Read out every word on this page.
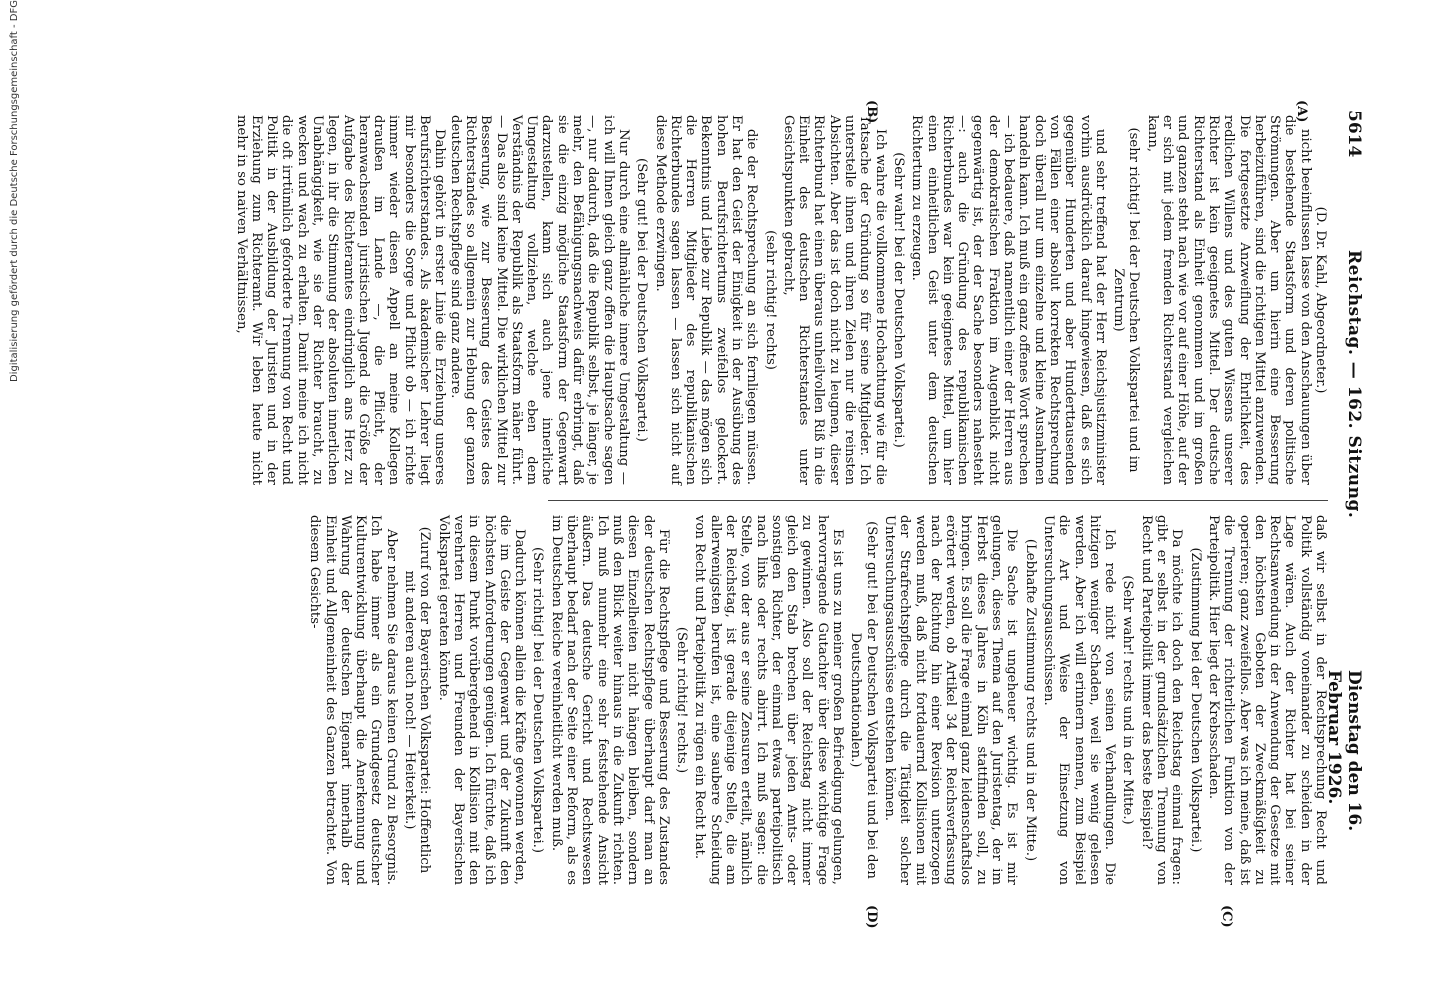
5614
Reichstag. — 162. Sitzung.
Dienstag den 16. Februar 1926.
(A)
(B)
(C)
(D)

(D. Dr. Kahl, Abgeordneter.)

nicht beeinflussen lasse von den Anschauungen über die bestehende Staatsform und deren politische Strömungen. Aber um hierin eine Besserung herbeizuführen, sind die richtigen Mittel anzuwenden. Die fortgesetzte Anzweiflung der Ehrlichkeit, des redlichen Willens und des guten Wissens unserer Richter ist kein geeignetes Mittel. Der deutsche Richterstand als Einheit genommen und im großen und ganzen steht nach wie vor auf einer Höhe, auf der er sich mit jedem fremden Richterstand vergleichen kann,

(sehr richtig! bei der Deutschen Volkspartei und im Zentrum)

und sehr treffend hat der Herr Reichsjustizminister vorhin ausdrücklich darauf hingewiesen, daß es sich gegenüber Hunderten und aber Hunderttausenden von Fällen einer absolut korrekten Rechtsprechung doch überall nur um einzelne und kleine Ausnahmen handeln kann. Ich muß ein ganz offenes Wort sprechen — ich bedauere, daß namentlich einer der Herren aus der demokratischen Fraktion im Augenblick nicht gegenwärtig ist, der der Sache besonders nahesteht —: auch die Gründung des republikanischen Richterbundes war kein geeignetes Mittel, um hier einen einheitlichen Geist unter dem deutschen Richtertum zu erzeugen.

(Sehr wahr! bei der Deutschen Volkspartei.)

Ich wahre die vollkommene Hochachtung wie für die Tatsache der Gründung so für seine Mitglieder. Ich unterstelle ihnen und ihren Zielen nur die reinsten Absichten. Aber das ist doch nicht zu leugnen, dieser Richterbund hat einen überaus unheilvollen Riß in die Einheit des deutschen Richterstandes unter Gesichtspunkten gebracht,

(sehr richtig! rechts)

die der Rechtsprechung an sich fernliegen müssen. Er hat den Geist der Einigkeit in der Ausübung des hohen Berufsrichtertums zweifellos gelockert. Bekenntnis und Liebe zur Republik — das mögen sich die Herren Mitglieder des republikanischen Richterbundes sagen lassen — lassen sich nicht auf diese Methode erzwingen.

(Sehr gut! bei der Deutschen Volkspartei.)

Nur durch eine allmähliche innere Umgestaltung — ich will Ihnen gleich ganz offen die Hauptsache sagen —, nur dadurch, daß die Republik selbst, je länger, je mehr, den Befähigungsnachweis dafür erbringt, daß sie die einzig mögliche Staatsform der Gegenwart darzustellen, kann sich auch jene innerliche Umgestaltung vollziehen, welche eben dem Verständnis der Republik als Staatsform näher führt. — Das also sind keine Mittel. Die wirklichen Mittel zur Besserung, wie zur Besserung des Geistes des Richterstandes so allgemein zur Hebung der ganzen deutschen Rechtspflege sind ganz andere.

Dahin gehört in erster Linie die Erziehung unseres Berufsrichterstandes. Als akademischer Lehrer liegt mir besonders die Sorge und Pflicht ob — ich richte immer wieder diesen Appell an meine Kollegen draußen im Lande —, die Pflicht, der heranwachsenden juristischen Jugend die Größe der Aufgabe des Richteramtes eindringlich ans Herz zu legen, in ihr die Stimmung der absoluten innerlichen Unabhängigkeit, wie sie der Richter braucht, zu wecken und wach zu erhalten. Damit meine ich nicht die oft irrtümlich geforderte Trennung von Recht und Politik in der Ausbildung der Juristen und in der Erziehung zum Richteramt. Wir leben heute nicht mehr in so naiven Verhältnissen,

daß wir selbst in der Rechtsprechung Recht und Politik vollständig voneinander zu scheiden in der Lage wären. Auch der Richter hat bei seiner Rechtsanwendung in der Anwendung der Gesetze mit den höchsten Geboten der Zweckmäßigkeit zu operieren; ganz zweifellos. Aber was ich meine, daß ist die Trennung der richterlichen Funktion von der Parteipolitik. Hier liegt der Krebsschaden.

(Zustimmung bei der Deutschen Volkspartei.)

Da möchte ich doch den Reichstag einmal fragen: gibt er selbst in der grundsätzlichen Trennung von Recht und Parteipolitik immer das beste Beispiel?

(Sehr wahr! rechts und in der Mitte.)

Ich rede nicht von seinen Verhandlungen. Die hitzigen weniger Schaden, weil sie wenig gelesen werden. Aber ich will erinnern nennen, zum Beispiel die Art und Weise der Einsetzung von Untersuchungsausschüssen.

(Lebhafte Zustimmung rechts und in der Mitte.)

Die Sache ist ungeheuer wichtig. Es ist mir gelungen, dieses Thema auf den Juristentag, der im Herbst dieses Jahres in Köln stattfinden soll, zu bringen. Es soll die Frage einmal ganz leidenschaftslos erörtert werden, ob Artikel 34 der Reichsverfassung nach der Richtung hin einer Revision unterzogen werden muß, daß nicht fortdauernd Kollisionen mit der Strafrechtspflege durch die Tätigkeit solcher Untersuchungsausschüsse entstehen können.

(Sehr gut! bei der Deutschen Volkspartei und bei den Deutschnationalen.)

Es ist uns zu meiner großen Befriedigung gelungen, hervorragende Gutachter über diese wichtige Frage zu gewinnen. Also soll der Reichstag nicht immer gleich den Stab brechen über jeden Amts- oder sonstigen Richter, der einmal etwas parteipolitisch nach links oder rechts abirrt. Ich muß sagen: die Stelle, von der aus er seine Zensuren erteilt, nämlich der Reichstag, ist gerade diejenige Stelle, die am allerwenigsten berufen ist, eine saubere Scheidung von Recht und Parteipolitik zu rügen ein Recht hat.

(Sehr richtig! rechts.)

Für die Rechtspflege und Besserung des Zustandes der deutschen Rechtspflege überhaupt darf man an diesen Einzelheiten nicht hängen bleiben, sondern muß den Blick weiter hinaus in die Zukunft richten. Ich muß nunmehr eine sehr feststehende Ansicht äußern. Das deutsche Gericht und Rechtswesen überhaupt bedarf nach der Seite einer Reform, als es im Deutschen Reiche vereinheitlicht werden muß.

(Sehr richtig! bei der Deutschen Volkspartei.)

Dadurch können allein die Kräfte gewonnen werden, die im Geiste der Gegenwart und der Zukunft den höchsten Anforderungen genügen. Ich fürchte, daß ich in diesem Punkt vorübergehend in Kollision mit den verehrten Herren und Freunden der Bayerischen Volkspartei geraten könnte.

(Zuruf von der Bayerischen Volkspartei: Hoffentlich mit anderen auch noch! — Heiterkeit.)

Aber nehmen Sie daraus keinen Grund zu Besorgnis. Ich habe immer als ein Grundgesetz deutscher Kulturentwicklung überhaupt die Anerkennung und Wahrung der deutschen Eigenart innerhalb der Einheit und Allgemeinheit des Ganzen betrachtet. Von diesem Gesichts-

Digitalisierung gefördert durch die Deutsche Forschungsgemeinschaft - DFG
